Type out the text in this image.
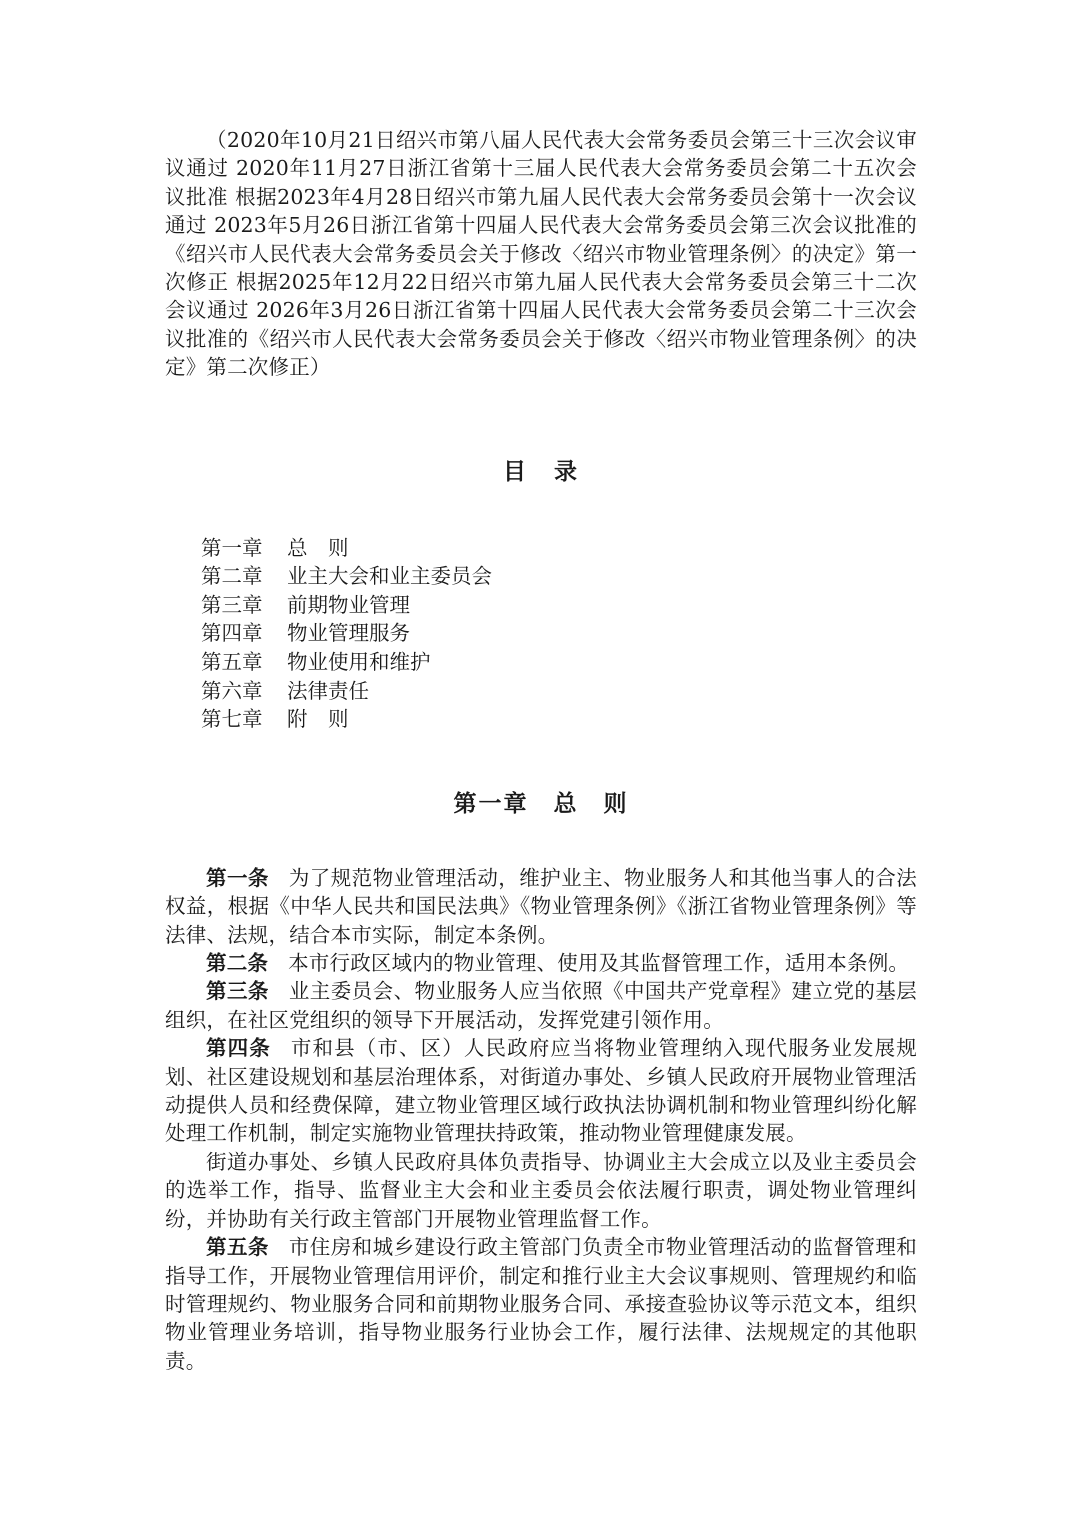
（2020年10月21日绍兴市第八届人民代表大会常务委员会第三十三次会议审议通过 2020年11月27日浙江省第十三届人民代表大会常务委员会第二十五次会议批准 根据2023年4月28日绍兴市第九届人民代表大会常务委员会第十一次会议通过 2023年5月26日浙江省第十四届人民代表大会常务委员会第三次会议批准的《绍兴市人民代表大会常务委员会关于修改〈绍兴市物业管理条例〉的决定》第一次修正 根据2025年12月22日绍兴市第九届人民代表大会常务委员会第三十二次会议通过 2026年3月26日浙江省第十四届人民代表大会常务委员会第二十三次会议批准的《绍兴市人民代表大会常务委员会关于修改〈绍兴市物业管理条例〉的决定》第二次修正）

目 录
第一章	总　则
第二章	业主大会和业主委员会
第三章	前期物业管理
第四章	物业管理服务
第五章	物业使用和维护
第六章	法律责任
第七章	附　则
第一章　总　则

第一条 为了规范物业管理活动，维护业主、物业服务人和其他当事人的合法权益，根据《中华人民共和国民法典》《物业管理条例》《浙江省物业管理条例》等法律、法规，结合本市实际，制定本条例。

第二条 本市行政区域内的物业管理、使用及其监督管理工作，适用本条例。

第三条 业主委员会、物业服务人应当依照《中国共产党章程》建立党的基层组织，在社区党组织的领导下开展活动，发挥党建引领作用。

第四条 市和县（市、区）人民政府应当将物业管理纳入现代服务业发展规划、社区建设规划和基层治理体系，对街道办事处、乡镇人民政府开展物业管理活动提供人员和经费保障，建立物业管理区域行政执法协调机制和物业管理纠纷化解处理工作机制，制定实施物业管理扶持政策，推动物业管理健康发展。

街道办事处、乡镇人民政府具体负责指导、协调业主大会成立以及业主委员会的选举工作，指导、监督业主大会和业主委员会依法履行职责，调处物业管理纠纷，并协助有关行政主管部门开展物业管理监督工作。

第五条 市住房和城乡建设行政主管部门负责全市物业管理活动的监督管理和指导工作，开展物业管理信用评价，制定和推行业主大会议事规则、管理规约和临时管理规约、物业服务合同和前期物业服务合同、承接查验协议等示范文本，组织物业管理业务培训，指导物业服务行业协会工作，履行法律、法规规定的其他职责。
